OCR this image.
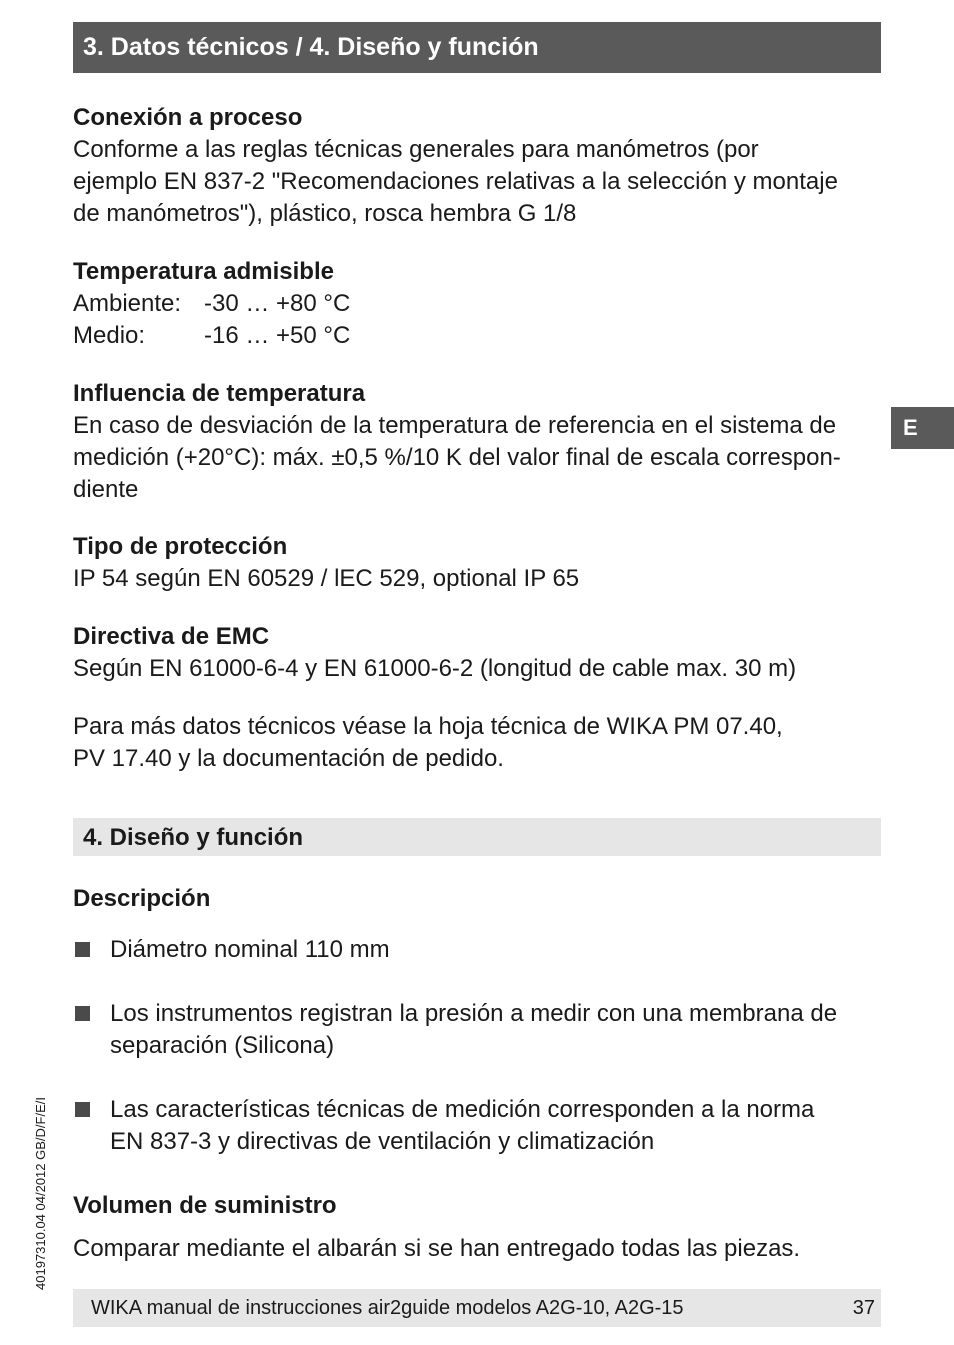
3. Datos técnicos / 4. Diseño y función
E
Conexión a proceso
Conforme a las reglas técnicas generales para manómetros (por
ejemplo EN 837-2 "Recomendaciones relativas a la selección y montaje
de manómetros"), plástico, rosca hembra G 1/8
Temperatura admisible
Ambiente: -30 … +80 °C
Medio:	-16 … +50 °C
Influencia de temperatura
En caso de desviación de la temperatura de referencia en el sistema de
medición (+20°C): máx. ±0,5 %/10 K del valor final de escala correspon-
diente
Tipo de protección
IP 54 según EN 60529 / lEC 529, optional IP 65
Directiva de EMC
Según EN 61000-6-4 y EN 61000-6-2 (longitud de cable max. 30 m)
Para más datos técnicos véase la hoja técnica de WIKA PM 07.40,
PV 17.40 y la documentación de pedido.
4. Diseño y función
Descripción
Diámetro nominal 110 mm
Los instrumentos registran la presión a medir con una membrana de
separación (Silicona)
Las características técnicas de medición corresponden a la norma
EN 837-3 y directivas de ventilación y climatización
Volumen de suministro
Comparar mediante el albarán si se han entregado todas las piezas.
40197310.04 04/2012 GB/D/F/E/I
WIKA manual de instrucciones air2guide modelos A2G-10, A2G-15	37
